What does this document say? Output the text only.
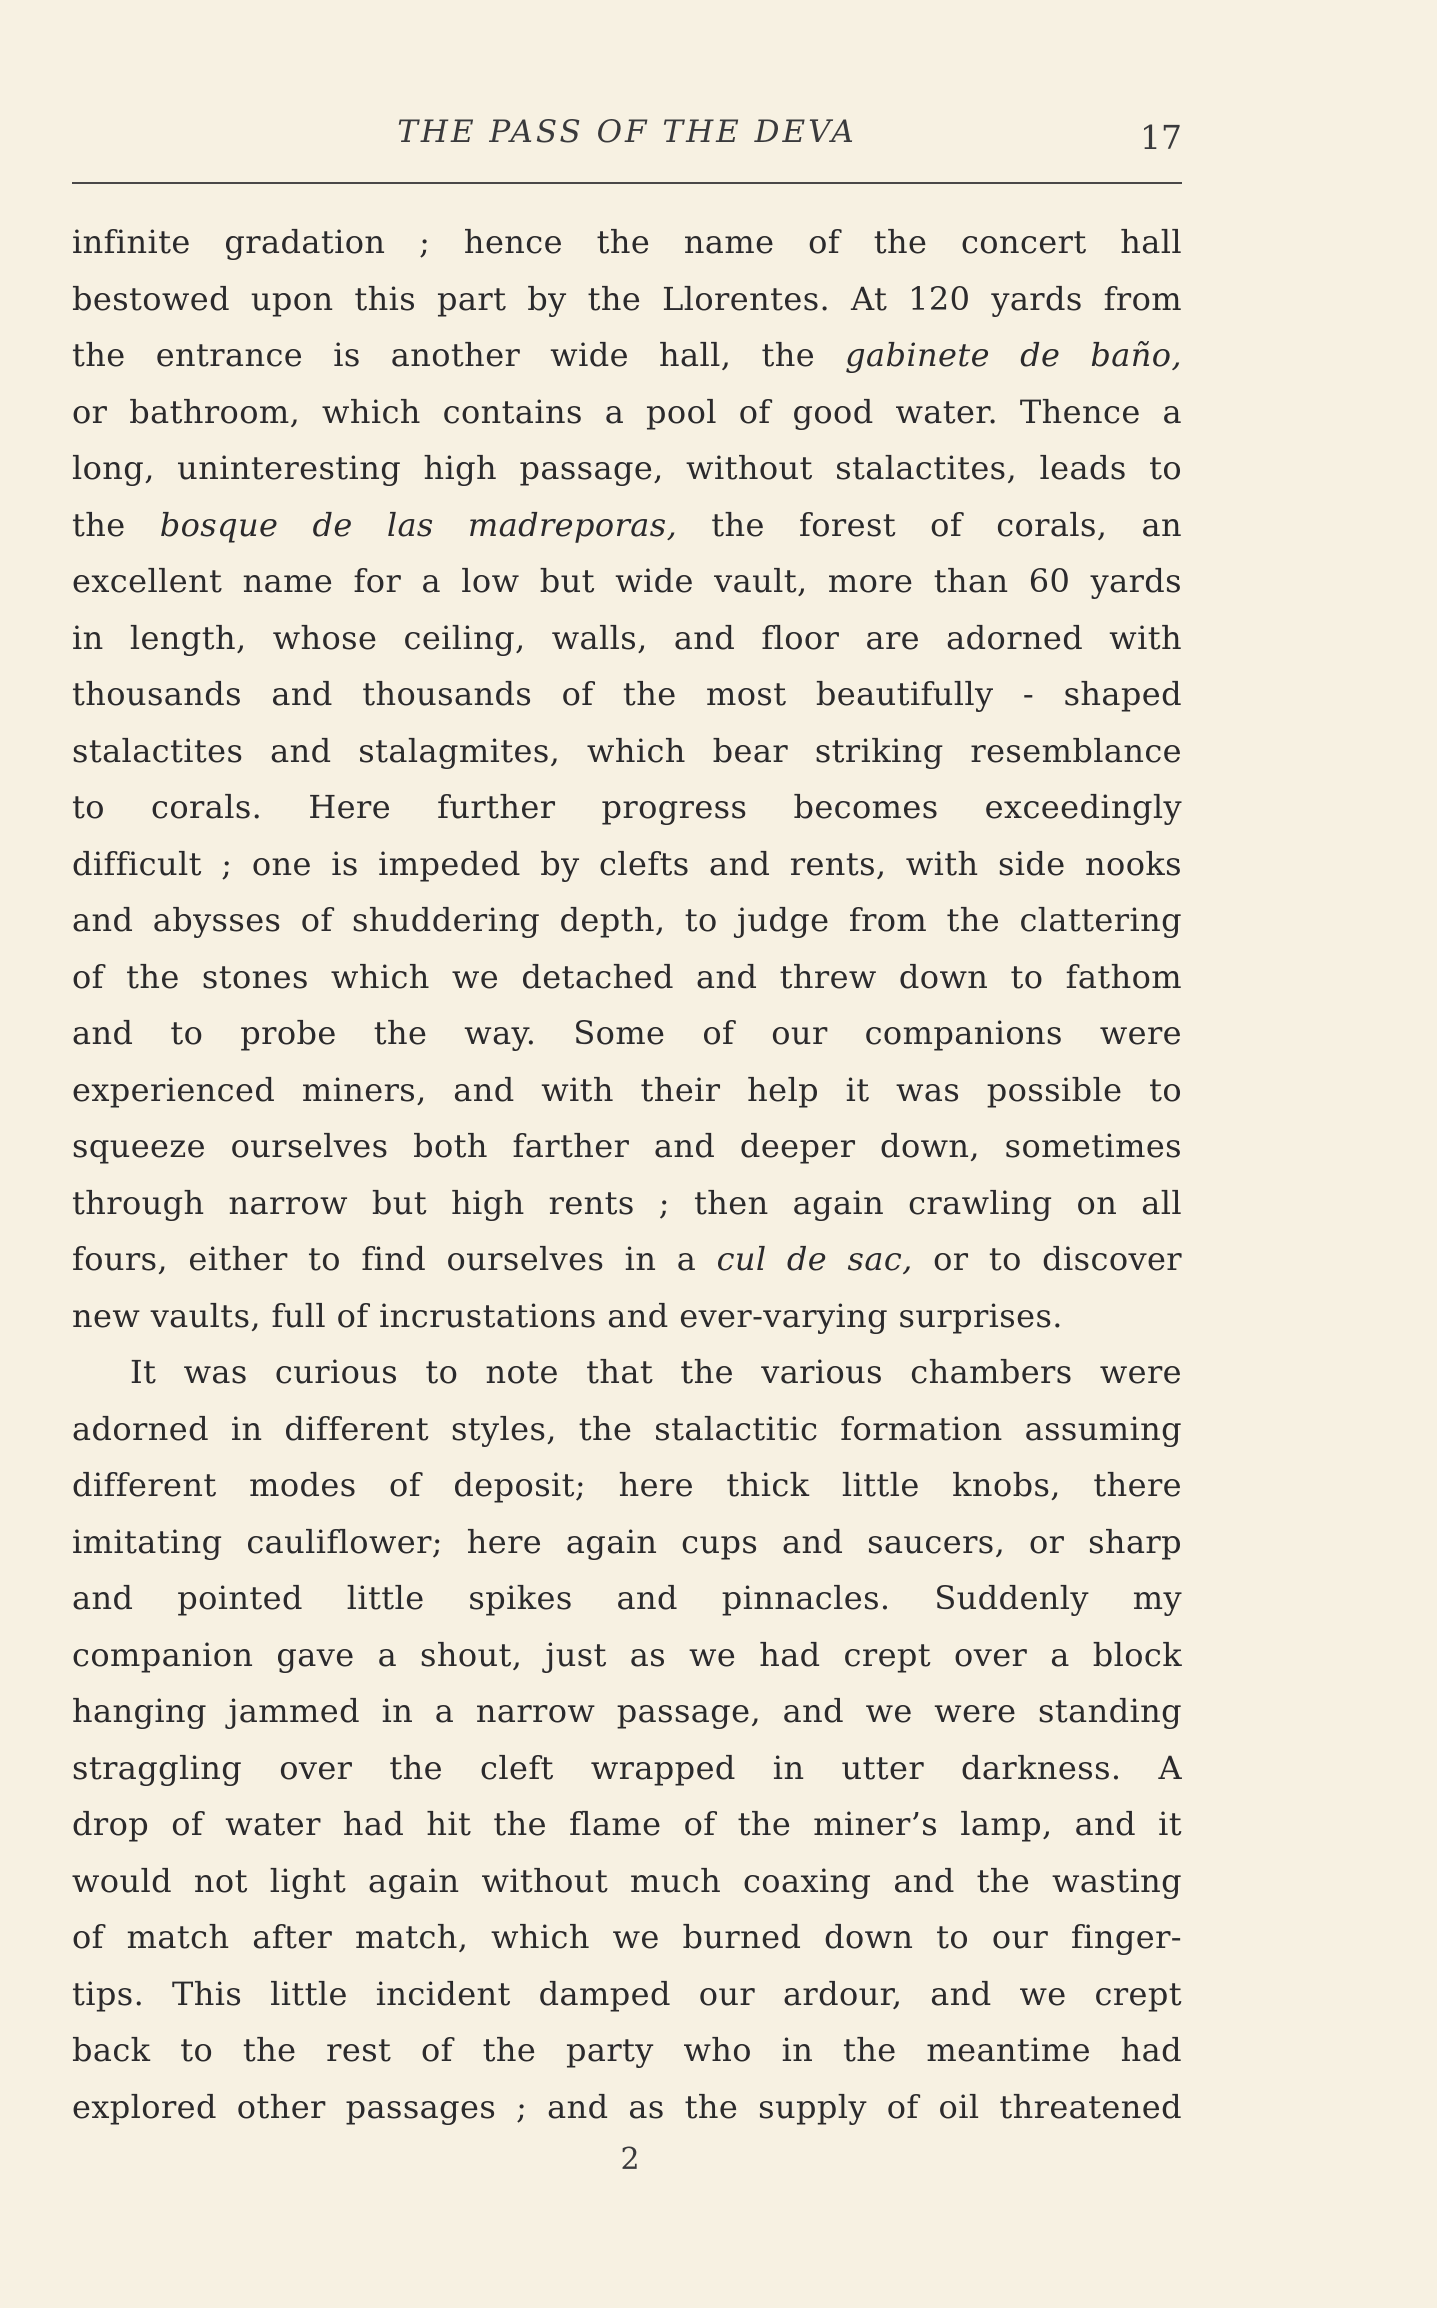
THE PASS OF THE DEVA	17
infinite gradation ; hence the name of the concert hall
bestowed upon this part by the Llorentes. At 120 yards from
the entrance is another wide hall, the gabinete de baño,
or bathroom, which contains a pool of good water. Thence a
long, uninteresting high passage, without stalactites, leads to
the bosque de las madreporas, the forest of corals, an
excellent name for a low but wide vault, more than 60 yards
in length, whose ceiling, walls, and floor are adorned with
thousands and thousands of the most beautifully - shaped
stalactites and stalagmites, which bear striking resemblance
to corals. Here further progress becomes exceedingly
difficult ; one is impeded by clefts and rents, with side nooks
and abysses of shuddering depth, to judge from the clattering
of the stones which we detached and threw down to fathom
and to probe the way. Some of our companions were
experienced miners, and with their help it was possible to
squeeze ourselves both farther and deeper down, sometimes
through narrow but high rents ; then again crawling on all
fours, either to find ourselves in a cul de sac, or to discover
new vaults, full of incrustations and ever-varying surprises.
It was curious to note that the various chambers were
adorned in different styles, the stalactitic formation assuming
different modes of deposit; here thick little knobs, there
imitating cauliflower; here again cups and saucers, or sharp
and pointed little spikes and pinnacles. Suddenly my
companion gave a shout, just as we had crept over a block
hanging jammed in a narrow passage, and we were standing
straggling over the cleft wrapped in utter darkness. A
drop of water had hit the flame of the miner’s lamp, and it
would not light again without much coaxing and the wasting
of match after match, which we burned down to our finger-
tips. This little incident damped our ardour, and we crept
back to the rest of the party who in the meantime had
explored other passages ; and as the supply of oil threatened
2
